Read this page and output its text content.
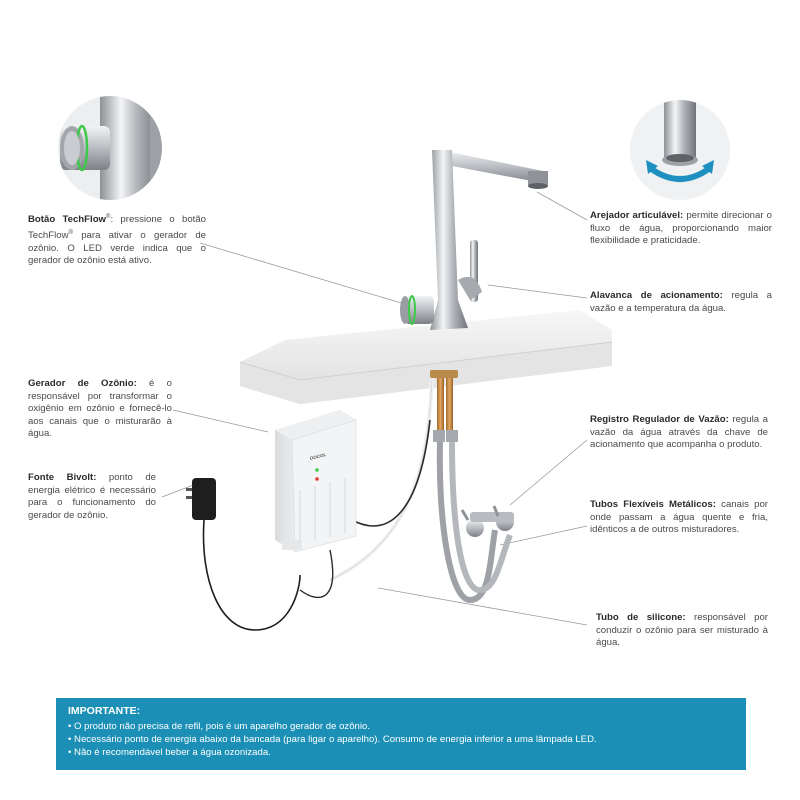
Botão TechFlow®: pressione o botão TechFlow® para ativar o gerador de ozônio. O LED verde indica que o gerador de ozônio está ativo.
Gerador de Ozônio: é o responsável por transformar o oxigênio em ozônio e fornecê-lo aos canais que o misturarão à água.
Fonte Bivolt: ponto de energia elétrico é necessário para o funcionamento do gerador de ozônio.
Arejador articulável: permite direcionar o fluxo de água, proporcionando maior flexibilidade e praticidade.
Alavanca de acionamento: regula a vazão e a temperatura da água.
Registro Regulador de Vazão: regula a vazão da água através da chave de acionamento que acompanha o produto.
Tubos Flexíveis Metálicos: canais por onde passam a água quente e fria, idênticos a de outros misturadores.
Tubo de silicone: responsável por conduzir o ozônio para ser misturado à água.
DOCOL
IMPORTANTE:
• O produto não precisa de refil, pois é um aparelho gerador de ozônio.
• Necessário ponto de energia abaixo da bancada (para ligar o aparelho). Consumo de energia inferior a uma lâmpada LED.
• Não é recomendável beber a água ozonizada.
